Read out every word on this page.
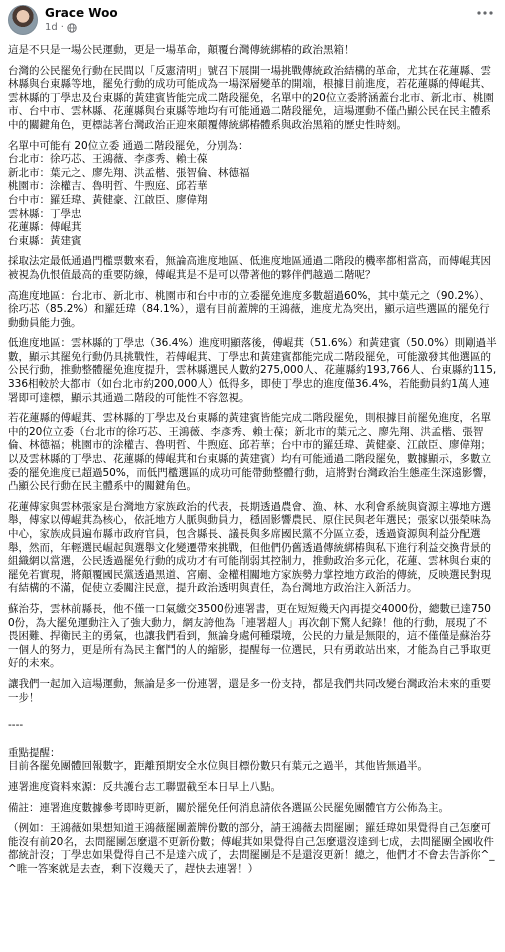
Grace Woo
1d ·

這是不只是一場公民運動，更是一場革命，顛覆台灣傳統綁樁的政治黑箱！

台灣的公民罷免行動在民間以「反憲清明」號召下展開一場挑戰傳統政治結構的革命，尤其在花蓮縣、雲林縣與台東縣等地，罷免行動的成功可能成為一場深層變革的開端，根據目前進度，若花蓮縣的傅崐萁、雲林縣的丁學忠及台東縣的黃建賓皆能完成二階段罷免，名單中的20位立委將涵蓋台北市、新北市、桃園市、台中市、雲林縣、花蓮縣與台東縣等地均有可能通過二階段罷免，這場運動不僅凸顯公民在民主體系中的關鍵角色，更標誌著台灣政治正迎來顛覆傳統綁樁體系與政治黑箱的歷史性時刻。

名單中可能有 20位立委 通過二階段罷免，分別為：
台北市：徐巧芯、王鴻薇、李彥秀、賴士葆
新北市：葉元之、廖先翔、洪孟楷、張智倫、林德福
桃園市：涂權吉、魯明哲、牛煦庭、邱若華
台中市：羅廷瑋、黃健豪、江啟臣、廖偉翔
雲林縣：丁學忠
花蓮縣：傅崐萁
台東縣：黃建賓

採取法定最低通過門檻票數來看，無論高進度地區、低進度地區通過二階段的機率都相當高，而傅崐萁因被視為仇恨值最高的重要防線，傅崐萁是不是可以帶著他的夥伴們越過二階呢？

高進度地區：台北市、新北市、桃園市和台中市的立委罷免進度多數超過60%，其中葉元之（90.2%）、徐巧芯（85.2%）和羅廷瑋（84.1%），還有目前蓋牌的王鴻薇，進度尤為突出，顯示這些選區的罷免行動動員能力強。

低進度地區：雲林縣的丁學忠（36.4%）進度明顯落後，傅崐萁（51.6%）和黃建賓（50.0%）則剛過半數，顯示其罷免行動仍具挑戰性，若傅崐萁、丁學忠和黃建賓都能完成二階段罷免，可能激發其他選區的公民行動，推動整體罷免進度提升，雲林縣選民人數約275,000人、花蓮縣約193,766人、台東縣約115,336相較於大都市（如台北市約200,000人）低得多，即使丁學忠的進度僅36.4%，若能動員約1萬人連署即可達標，顯示其通過二階段的可能性不容忽視。

若花蓮縣的傅崐萁、雲林縣的丁學忠及台東縣的黃建賓皆能完成二階段罷免，則根據目前罷免進度，名單中的20位立委（台北市的徐巧芯、王鴻薇、李彥秀、賴士葆；新北市的葉元之、廖先翔、洪孟楷、張智倫、林德福；桃園市的涂權吉、魯明哲、牛煦庭、邱若華；台中市的羅廷瑋、黃健豪、江啟臣、廖偉翔；以及雲林縣的丁學忠、花蓮縣的傅崐萁和台東縣的黃建賓）均有可能通過二階段罷免，數據顯示，多數立委的罷免進度已超過50%，而低門檻選區的成功可能帶動整體行動，這將對台灣政治生態產生深遠影響，凸顯公民行動在民主體系中的關鍵角色。

花蓮傅家與雲林張家是台灣地方家族政治的代表，長期透過農會、漁、林、水利會系統與資源主導地方選舉，傅家以傅崐萁為核心，依託地方人脈與動員力，穩固影響農民、原住民與老年選民；張家以張榮味為中心，家族成員遍布縣市政府官員，包含縣長、議長與多席國民黨不分區立委，透過資源與利益分配選舉，然而，年輕選民崛起與選舉文化變遷帶來挑戰，但他們仍舊透過傳統綁樁與私下進行利益交換背景的組織網以當選，公民透過罷免行動的成功才有可能削弱其控制力，推動政治多元化，花蓮、雲林與台東的罷免若實現，將顛覆國民黨透過黑道、宮廟、金權相關地方家族勢力掌控地方政治的傳統，反映選民對現有結構的不滿，促使立委關注民意，提升政治透明與責任，為台灣地方政治注入新活力。

蘇治芬，雲林前縣長，他不僅一口氣繳交3500份連署書，更在短短幾天內再提交4000份，總數已達7500份，為大罷免運動注入了強大動力，網友誇他為「連署超人」再次創下驚人紀錄！他的行動，展現了不畏困難、捍衛民主的勇氣，也讓我們看到，無論身處何種環境，公民的力量是無限的，這不僅僅是蘇治芬一個人的努力，更是所有為民主奮鬥的人的縮影，提醒每一位選民，只有勇敢站出來，才能為自己爭取更好的未來。

讓我們一起加入這場運動，無論是多一份連署，還是多一份支持，都是我們共同改變台灣政治未來的重要一步！

----

重點提醒：
目前各罷免團體回報數字，距離預期安全水位與目標份數只有葉元之過半，其他皆無過半。

連署進度資料來源：反共護台志工聯盟截至本日早上八點。

備註：連署進度數據參考即時更新，關於罷免任何消息請依各選區公民罷免團體官方公佈為主。

（例如：王鴻薇如果想知道王鴻薇罷團蓋牌份數的部分，請王鴻薇去問罷團；羅廷瑋如果覺得自己怎麼可能沒有前20名，去問罷團怎麼還不更新份數；傅崐萁如果覺得自己怎麼還沒達到七成，去問罷團全國收件都統計沒；丁學忠如果覺得自己不是達六成了，去問罷團是不是還沒更新！總之，他們才不會去告訴你^_^唯一答案就是去查，剩下沒幾天了，趕快去連署！）
